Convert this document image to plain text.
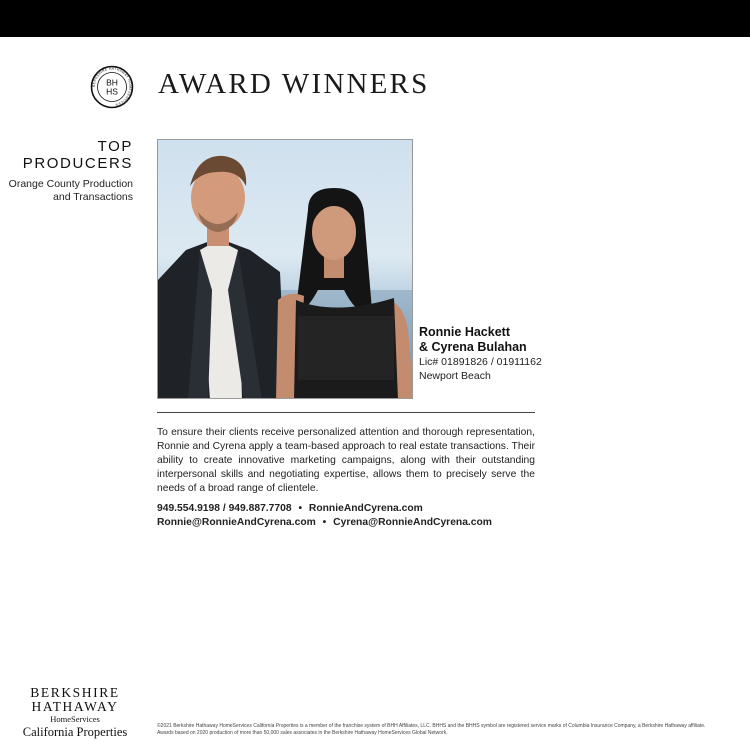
BERKSHIRE HATHAWAY HOMESERVICES
BH
HS AWARD WINNERS
TOP
PRODUCERS
Orange County Production
and Transactions
Ronnie Hackett
& Cyrena Bulahan
Lic# 01891826 / 01911162
Newport Beach
To ensure their clients receive personalized attention and thorough representation, Ronnie and Cyrena apply a team-based approach to real estate transactions. Their ability to create innovative marketing campaigns, along with their outstanding interpersonal skills and negotiating expertise, allows them to precisely serve the needs of a broad range of clientele.
949.554.9198 / 949.887.7708 • RonnieAndCyrena.com
Ronnie@RonnieAndCyrena.com • Cyrena@RonnieAndCyrena.com
BERKSHIRE
HATHAWAY
HomeServices
California Properties	©2021 Berkshire Hathaway HomeServices California Properties is a member of the franchise system of BHH Affiliates, LLC. BHHS and the BHHS symbol are registered service marks of Columbia Insurance Company, a Berkshire Hathaway affiliate.
Awards based on 2020 production of more than 50,000 sales associates in the Berkshire Hathaway HomeServices Global Network.
